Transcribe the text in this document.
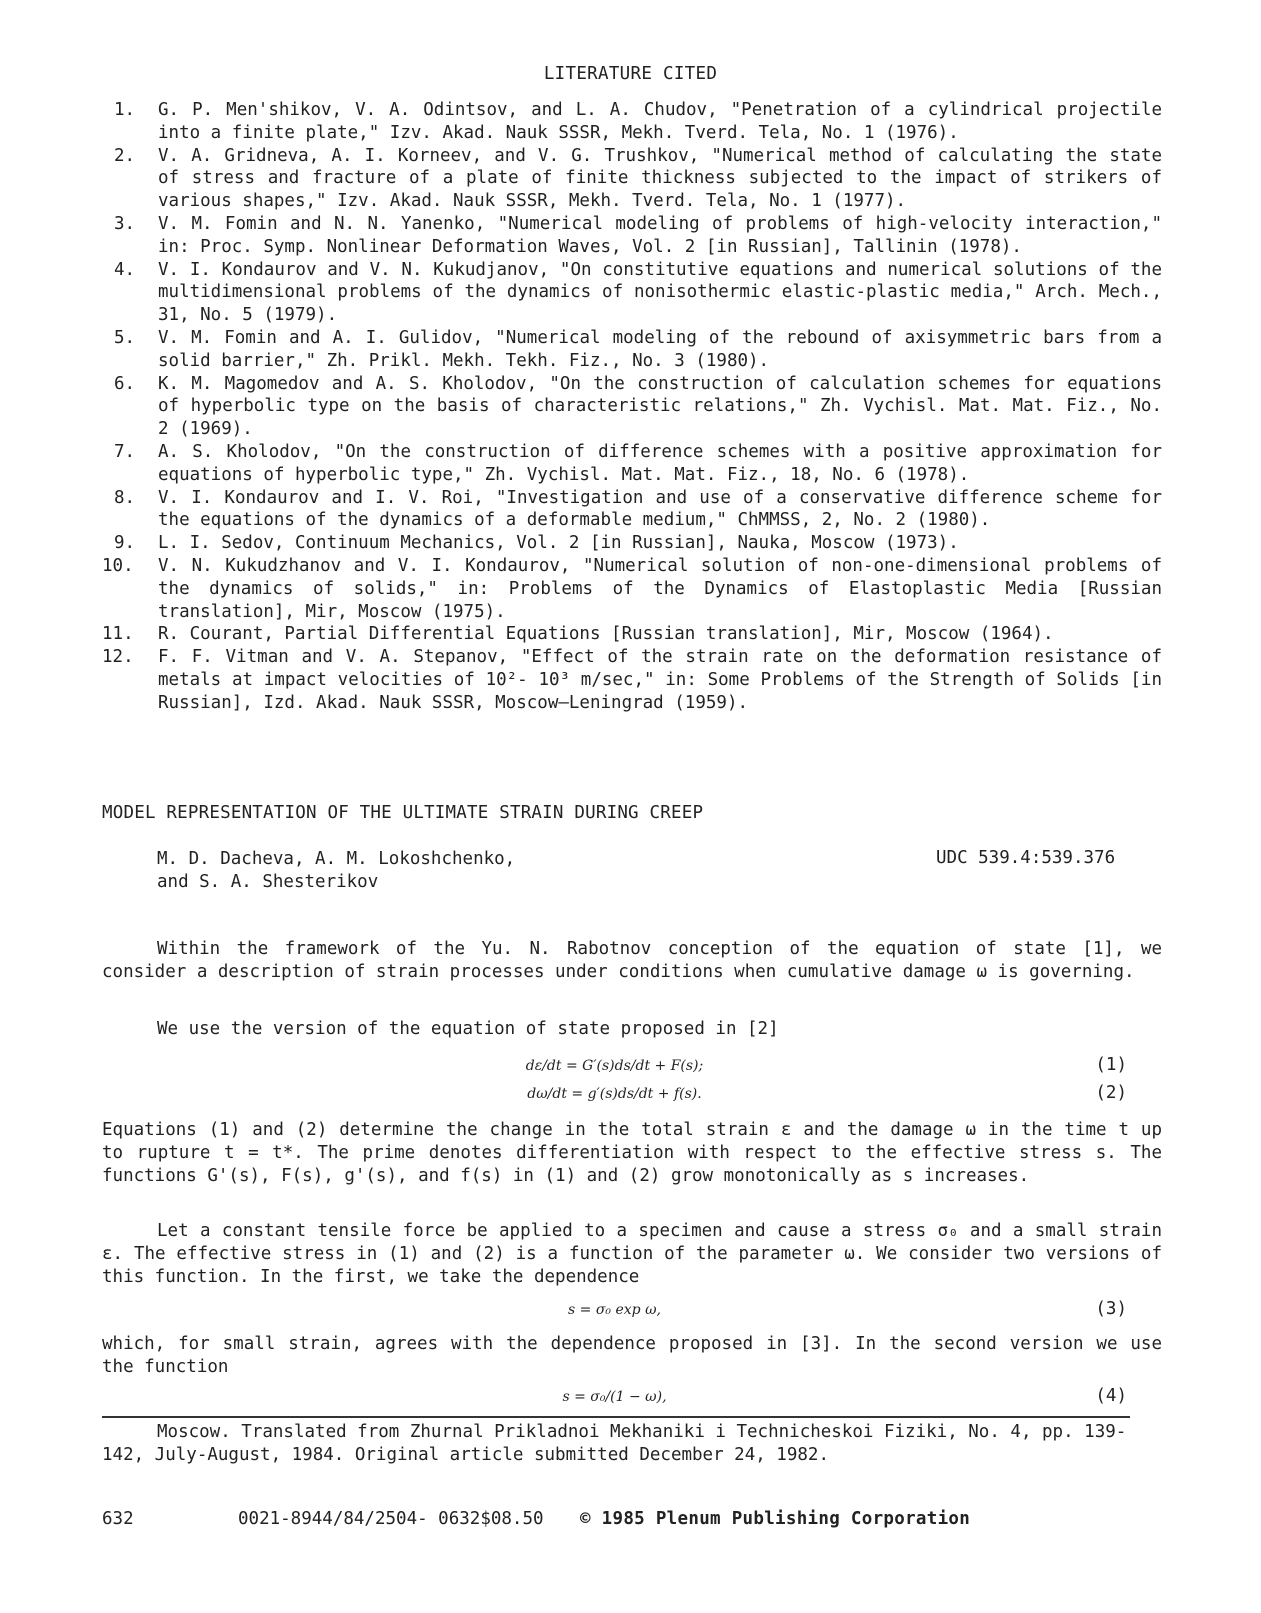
LITERATURE CITED
1.	G. P. Men'shikov, V. A. Odintsov, and L. A. Chudov, "Penetration of a cylindrical projectile into a finite plate," Izv. Akad. Nauk SSSR, Mekh. Tverd. Tela, No. 1 (1976).
2.	V. A. Gridneva, A. I. Korneev, and V. G. Trushkov, "Numerical method of calculating the state of stress and fracture of a plate of finite thickness subjected to the impact of strikers of various shapes," Izv. Akad. Nauk SSSR, Mekh. Tverd. Tela, No. 1 (1977).
3.	V. M. Fomin and N. N. Yanenko, "Numerical modeling of problems of high-velocity interaction," in: Proc. Symp. Nonlinear Deformation Waves, Vol. 2 [in Russian], Tallinin (1978).
4.	V. I. Kondaurov and V. N. Kukudjanov, "On constitutive equations and numerical solutions of the multidimensional problems of the dynamics of nonisothermic elastic-plastic media," Arch. Mech., 31, No. 5 (1979).
5.	V. M. Fomin and A. I. Gulidov, "Numerical modeling of the rebound of axisymmetric bars from a solid barrier," Zh. Prikl. Mekh. Tekh. Fiz., No. 3 (1980).
6.	K. M. Magomedov and A. S. Kholodov, "On the construction of calculation schemes for equations of hyperbolic type on the basis of characteristic relations," Zh. Vychisl. Mat. Mat. Fiz., No. 2 (1969).
7.	A. S. Kholodov, "On the construction of difference schemes with a positive approximation for equations of hyperbolic type," Zh. Vychisl. Mat. Mat. Fiz., 18, No. 6 (1978).
8.	V. I. Kondaurov and I. V. Roi, "Investigation and use of a conservative difference scheme for the equations of the dynamics of a deformable medium," ChMMSS, 2, No. 2 (1980).
9.	L. I. Sedov, Continuum Mechanics, Vol. 2 [in Russian], Nauka, Moscow (1973).
10.	V. N. Kukudzhanov and V. I. Kondaurov, "Numerical solution of non-one-dimensional problems of the dynamics of solids," in: Problems of the Dynamics of Elastoplastic Media [Russian translation], Mir, Moscow (1975).
11.	R. Courant, Partial Differential Equations [Russian translation], Mir, Moscow (1964).
12.	F. F. Vitman and V. A. Stepanov, "Effect of the strain rate on the deformation resistance of metals at impact velocities of 10²- 10³ m/sec," in: Some Problems of the Strength of Solids [in Russian], Izd. Akad. Nauk SSSR, Moscow—Leningrad (1959).
MODEL REPRESENTATION OF THE ULTIMATE STRAIN DURING CREEP
M. D. Dacheva, A. M. Lokoshchenko,
and S. A. Shesterikov
UDC 539.4:539.376
Within the framework of the Yu. N. Rabotnov conception of the equation of state [1], we consider a description of strain processes under conditions when cumulative damage ω is governing.
We use the version of the equation of state proposed in [2]
dε/dt = G′(s)ds/dt + F(s);	(1)
dω/dt = g′(s)ds/dt + f(s).	(2)
Equations (1) and (2) determine the change in the total strain ε and the damage ω in the time t up to rupture t = t*. The prime denotes differentiation with respect to the effective stress s. The functions G'(s), F(s), g'(s), and f(s) in (1) and (2) grow monotonically as s increases.
Let a constant tensile force be applied to a specimen and cause a stress σ₀ and a small strain ε. The effective stress in (1) and (2) is a function of the parameter ω. We consider two versions of this function. In the first, we take the dependence
s = σ₀ exp ω,	(3)
which, for small strain, agrees with the dependence proposed in [3]. In the second version we use the function
s = σ₀/(1 − ω),	(4)
Moscow. Translated from Zhurnal Prikladnoi Mekhaniki i Technicheskoi Fiziki, No. 4, pp. 139-142, July-August, 1984. Original article submitted December 24, 1982.
632	0021-8944/84/2504- 0632$08.50 © 1985 Plenum Publishing Corporation
